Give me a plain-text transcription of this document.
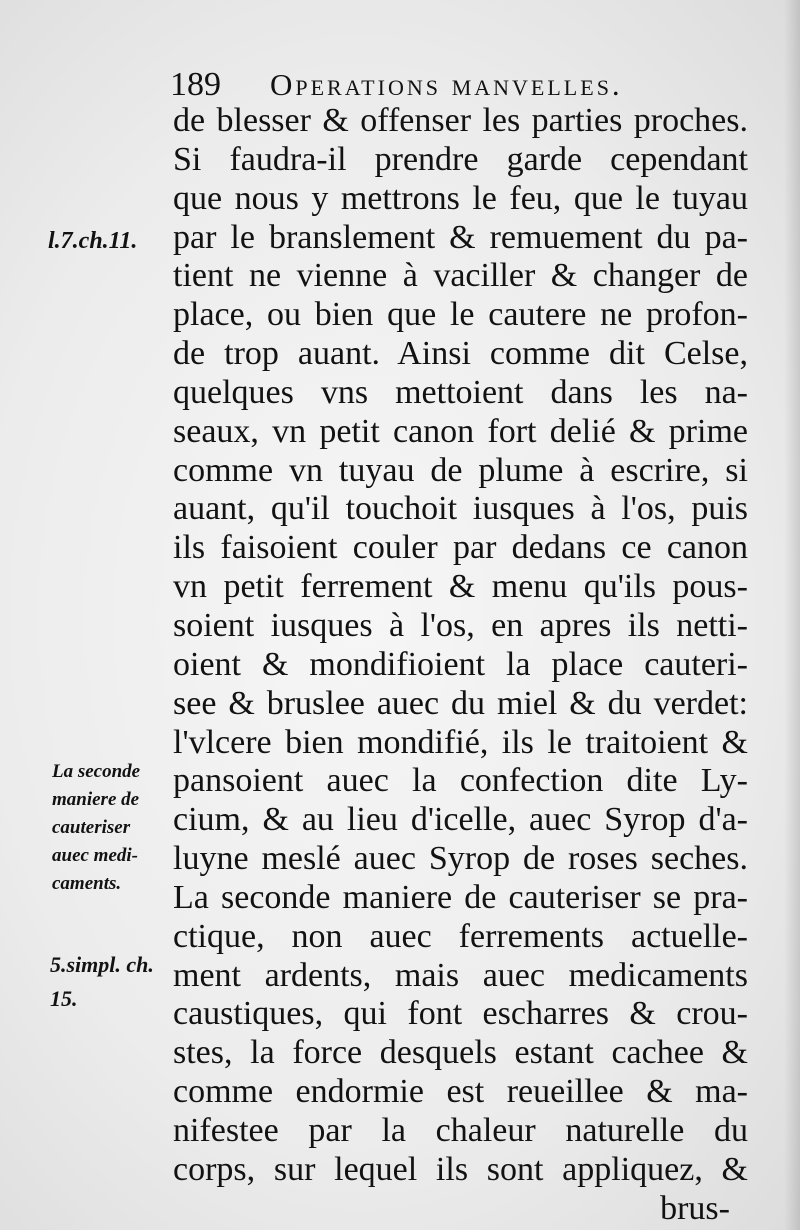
189 Operations manvelles.
l.7.ch.11.
La seconde
maniere de
cauteriser
auec medi-
caments.
5.simpl. ch.
15.
de blesser & offenser les parties proches.
Si faudra-il prendre garde cependant
que nous y mettrons le feu, que le tuyau
par le branslement & remuement du pa-
tient ne vienne à vaciller & changer de
place, ou bien que le cautere ne profon-
de trop auant. Ainsi comme dit Celse,
quelques vns mettoient dans les na-
seaux, vn petit canon fort delié & prime
comme vn tuyau de plume à escrire, si
auant, qu'il touchoit iusques à l'os, puis
ils faisoient couler par dedans ce canon
vn petit ferrement & menu qu'ils pous-
soient iusques à l'os, en apres ils netti-
oient & mondifioient la place cauteri-
see & bruslee auec du miel & du verdet:
l'vlcere bien mondifié, ils le traitoient &
pansoient auec la confection dite Ly-
cium, & au lieu d'icelle, auec Syrop d'a-
luyne meslé auec Syrop de roses seches.
La seconde maniere de cauteriser se pra-
ctique, non auec ferrements actuelle-
ment ardents, mais auec medicaments
caustiques, qui font escharres & crou-
stes, la force desquels estant cachee &
comme endormie est reueillee & ma-
nifestee par la chaleur naturelle du
corps, sur lequel ils sont appliquez, &
brus-
